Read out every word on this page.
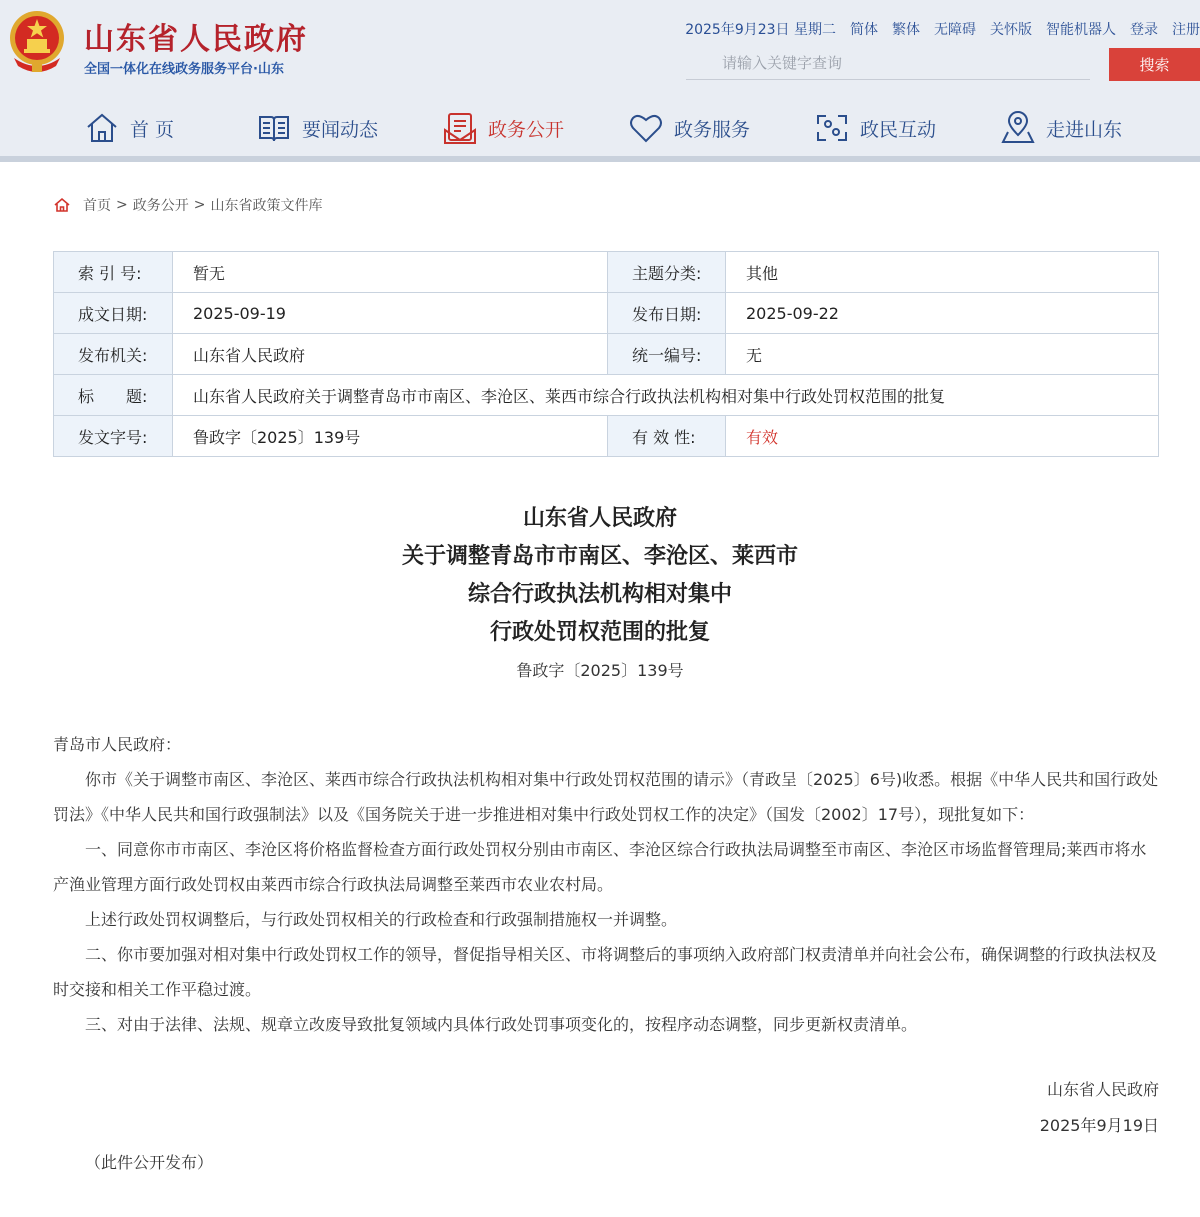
山东省人民政府
全国一体化在线政务服务平台·山东
2025年9月23日 星期二 简体 繁体 无障碍 关怀版 智能机器人 登录 注册
请输入关键字查询
搜索
首 页	要闻动态	政务公开	政务服务	政民互动	走进山东
首页 > 政务公开 > 山东省政策文件库
索 引 号:	暂无	主题分类:	其他
成文日期:	2025-09-19	发布日期:	2025-09-22
发布机关:	山东省人民政府	统一编号:	无
标　　题:	山东省人民政府关于调整青岛市市南区、李沧区、莱西市综合行政执法机构相对集中行政处罚权范围的批复		
发文字号:	鲁政字〔2025〕139号	有 效 性:	有效
山东省人民政府
关于调整青岛市市南区、李沧区、莱西市
综合行政执法机构相对集中
行政处罚权范围的批复
鲁政字〔2025〕139号

青岛市人民政府：

你市《关于调整市南区、李沧区、莱西市综合行政执法机构相对集中行政处罚权范围的请示》（青政呈〔2025〕6号)收悉。根据《中华人民共和国行政处罚法》《中华人民共和国行政强制法》以及《国务院关于进一步推进相对集中行政处罚权工作的决定》（国发〔2002〕17号），现批复如下：

一、同意你市市南区、李沧区将价格监督检查方面行政处罚权分别由市南区、李沧区综合行政执法局调整至市南区、李沧区市场监督管理局;莱西市将水产渔业管理方面行政处罚权由莱西市综合行政执法局调整至莱西市农业农村局。

上述行政处罚权调整后，与行政处罚权相关的行政检查和行政强制措施权一并调整。

二、你市要加强对相对集中行政处罚权工作的领导，督促指导相关区、市将调整后的事项纳入政府部门权责清单并向社会公布，确保调整的行政执法权及时交接和相关工作平稳过渡。

三、对由于法律、法规、规章立改废导致批复领域内具体行政处罚事项变化的，按程序动态调整，同步更新权责清单。

山东省人民政府
2025年9月19日
（此件公开发布）
